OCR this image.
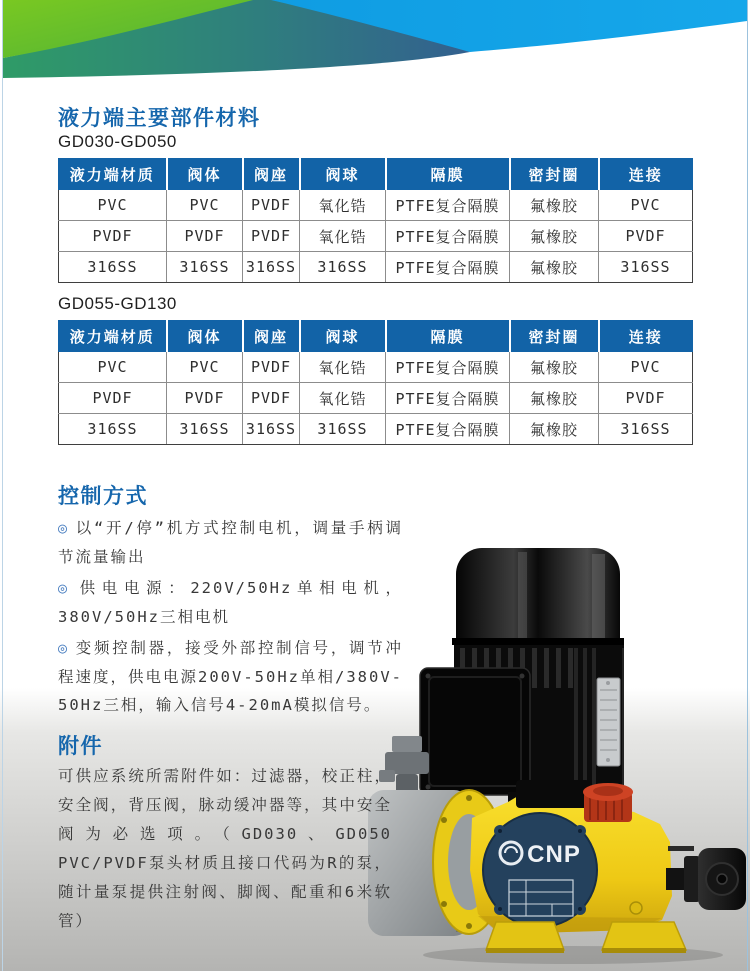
液力端主要部件材料
GD030-GD050
液力端材质	阀体	阀座	阀球	隔膜	密封圈	连接
PVC	PVC	PVDF	氧化锆	PTFE复合隔膜	氟橡胶	PVC
PVDF	PVDF	PVDF	氧化锆	PTFE复合隔膜	氟橡胶	PVDF
316SS	316SS	316SS	316SS	PTFE复合隔膜	氟橡胶	316SS
GD055-GD130
液力端材质	阀体	阀座	阀球	隔膜	密封圈	连接
PVC	PVC	PVDF	氧化锆	PTFE复合隔膜	氟橡胶	PVC
PVDF	PVDF	PVDF	氧化锆	PTFE复合隔膜	氟橡胶	PVDF
316SS	316SS	316SS	316SS	PTFE复合隔膜	氟橡胶	316SS
控制方式

◎ 以“开/停”机方式控制电机，调量手柄调节流量输出

◎ 供电电源：220V/50Hz单相电机，380V/50Hz三相电机

◎ 变频控制器，接受外部控制信号，调节冲程速度，供电电源200V-50Hz单相/380V-50Hz三相，输入信号4-20mA模拟信号。

附件

可供应系统所需附件如：过滤器，校正柱，安全阀，背压阀，脉动缓冲器等，其中安全阀为必选项。（GD030、GD050 PVC/PVDF泵头材质且接口代码为R的泵，随计量泵提供注射阀、脚阀、配重和6米软管）

CNP
